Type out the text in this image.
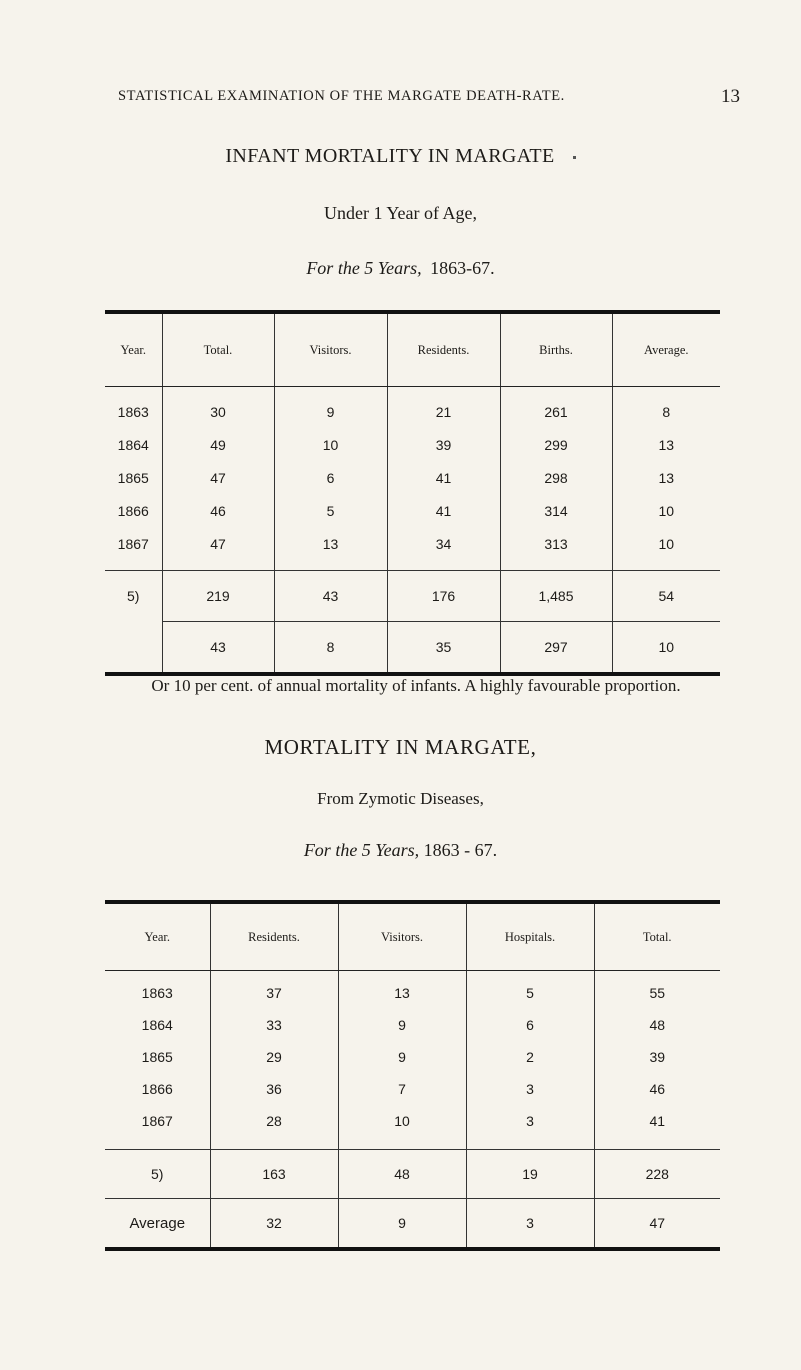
STATISTICAL EXAMINATION OF THE MARGATE DEATH-RATE.	13
INFANT MORTALITY IN MARGATE
Under 1 Year of Age,
For the 5 Years, 1863-67.
Year.	Total.	Visitors.	Residents.	Births.	Average.
1863	30	9	21	261	8
1864	49	10	39	299	13
1865	47	6	41	298	13
1866	46	5	41	314	10
1867	47	13	34	313	10
5)	219	43	176	1,485	54
	43	8	35	297	10
Or 10 per cent. of annual mortality of infants. A highly favourable proportion.
MORTALITY IN MARGATE,
From Zymotic Diseases,
For the 5 Years, 1863 - 67.
Year.	Residents.	Visitors.	Hospitals.	Total.
1863	37	13	5	55
1864	33	9	6	48
1865	29	9	2	39
1866	36	7	3	46
1867	28	10	3	41
5)	163	48	19	228
Average	32	9	3	47
